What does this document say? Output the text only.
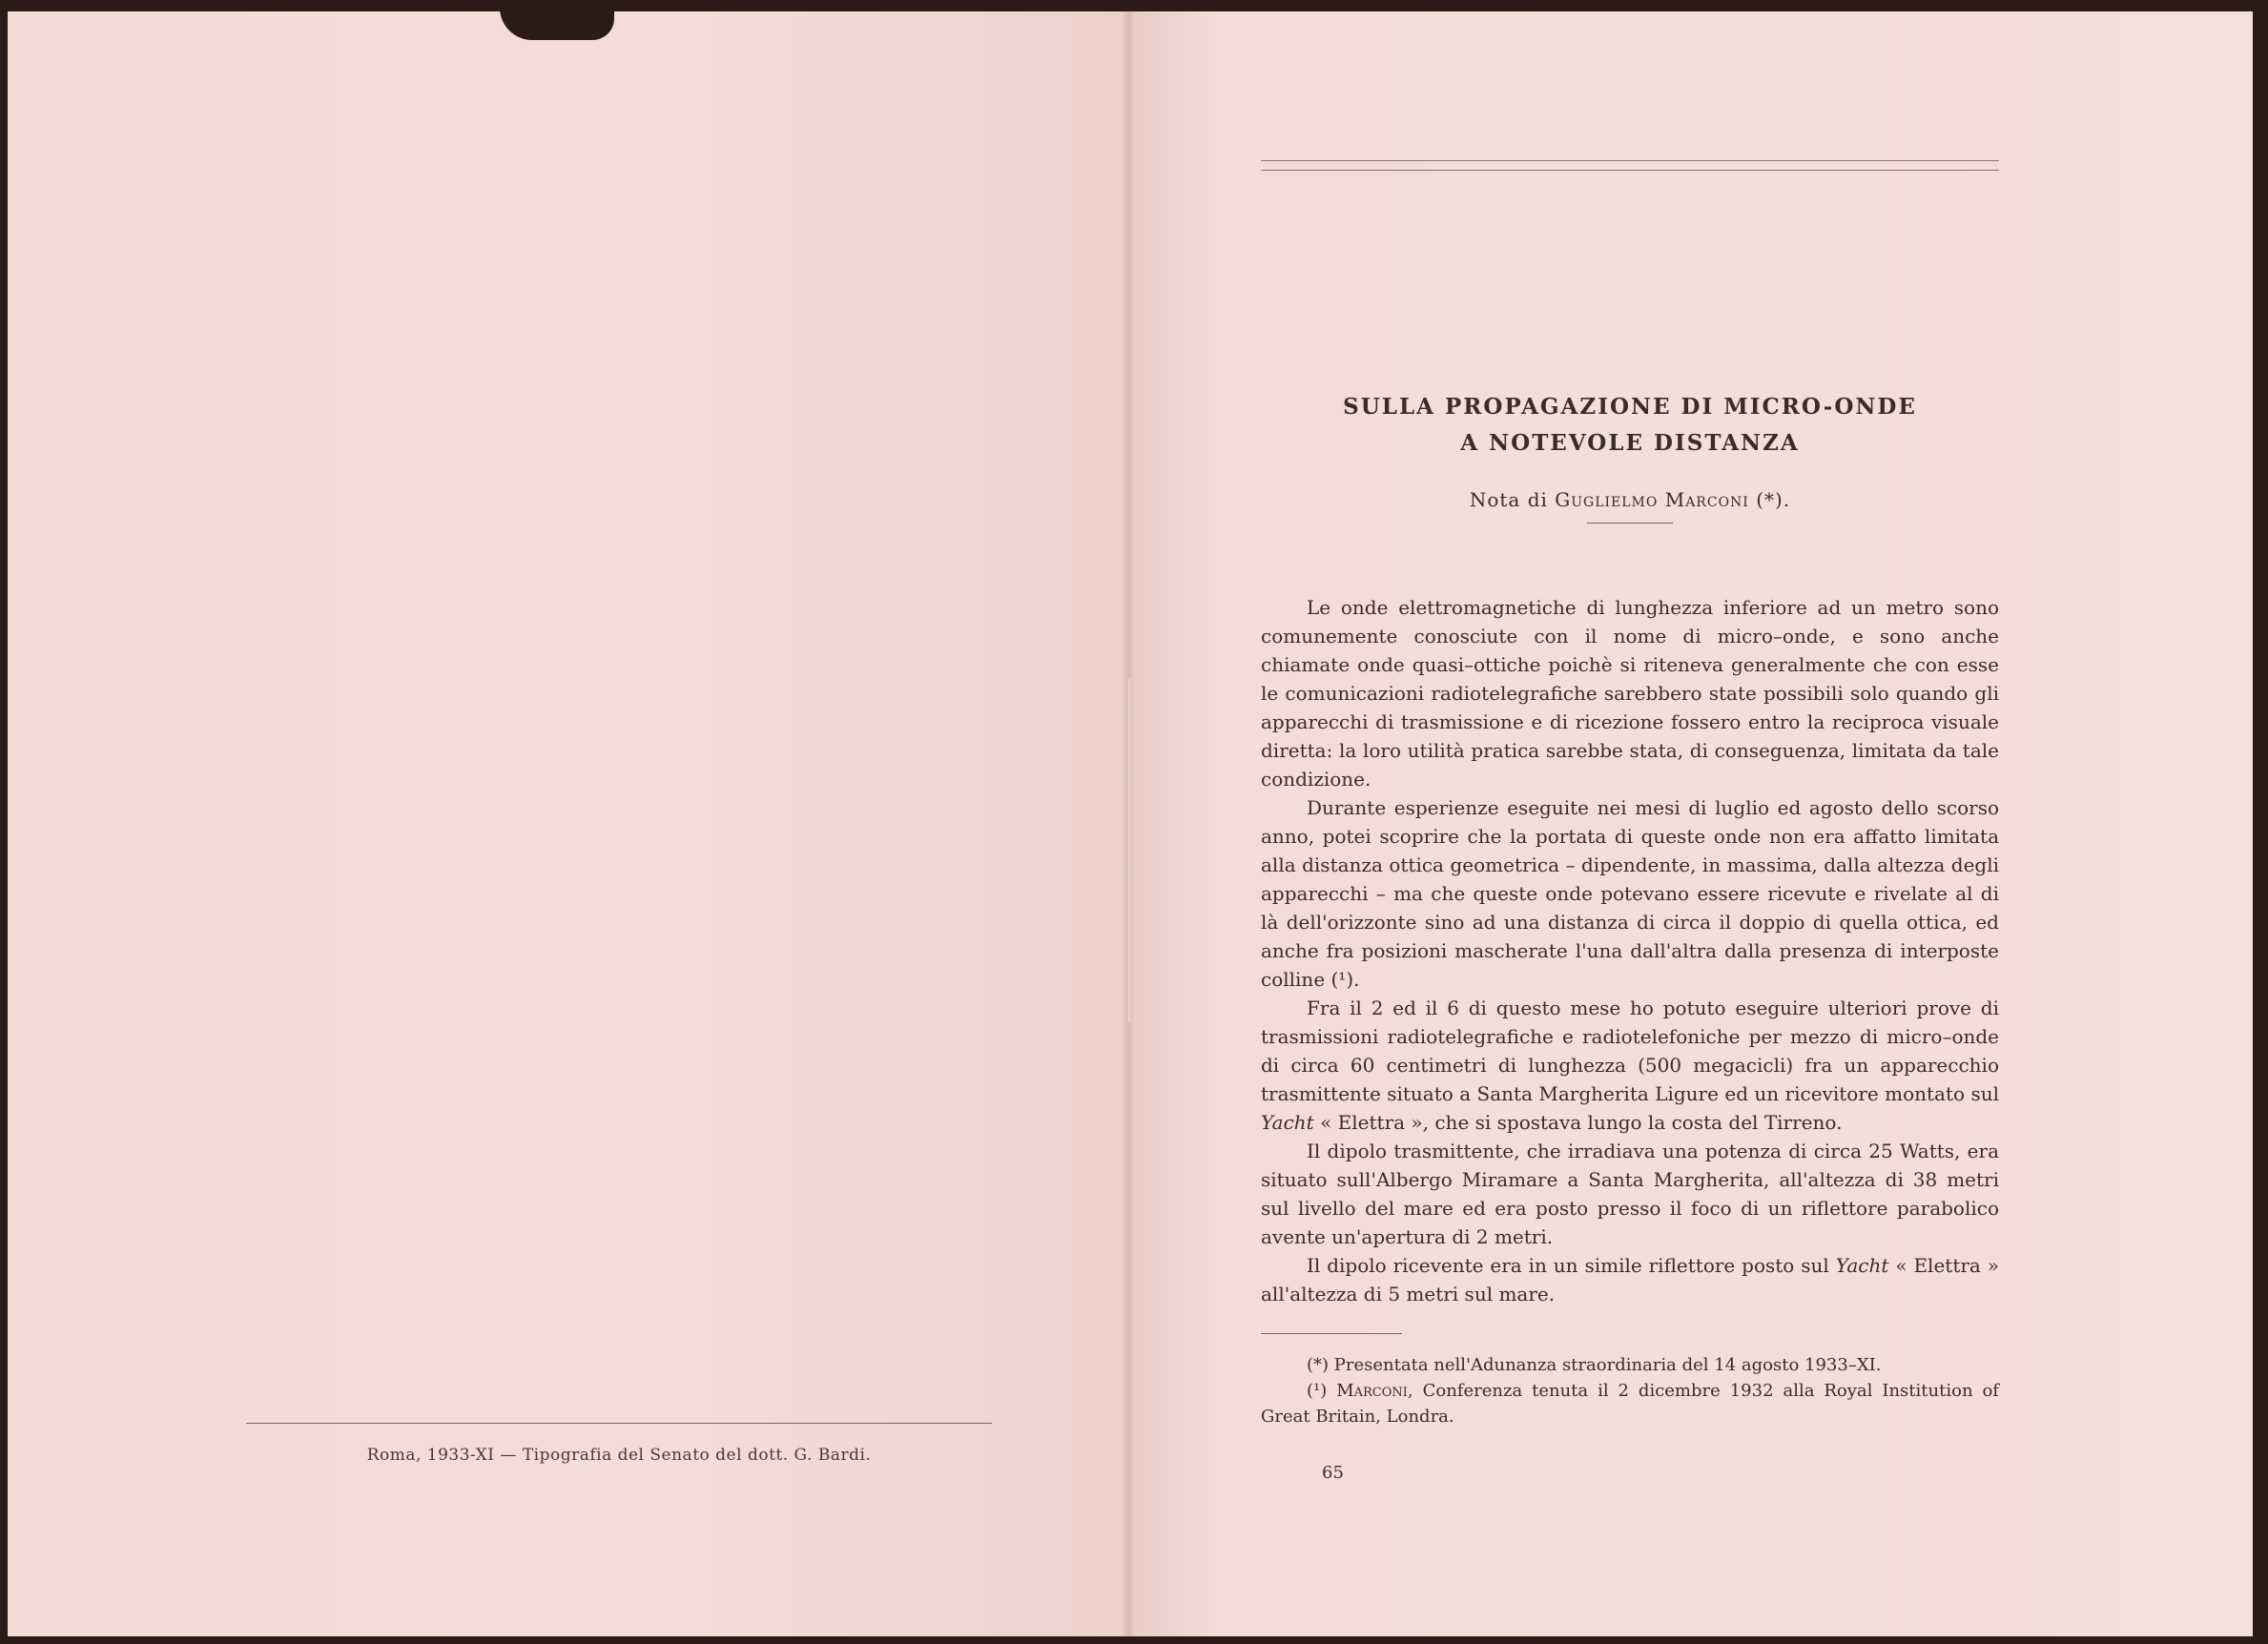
Roma, 1933-XI — Tipografia del Senato del dott. G. Bardi.
SULLA PROPAGAZIONE DI MICRO-ONDE
A NOTEVOLE DISTANZA
Nota di Guglielmo Marconi (*).

Le onde elettromagnetiche di lunghezza inferiore ad un metro sono comunemente conosciute con il nome di micro–onde, e sono anche chiamate onde quasi–ottiche poichè si riteneva generalmente che con esse le comunicazioni radiotelegrafiche sarebbero state possibili solo quando gli apparecchi di trasmissione e di ricezione fossero entro la reciproca visuale diretta: la loro utilità pratica sarebbe stata, di conseguenza, limitata da tale condizione.

Durante esperienze eseguite nei mesi di luglio ed agosto dello scorso anno, potei scoprire che la portata di queste onde non era affatto limitata alla distanza ottica geometrica – dipendente, in massima, dalla altezza degli apparecchi – ma che queste onde potevano essere ricevute e rivelate al di là dell'orizzonte sino ad una distanza di circa il doppio di quella ottica, ed anche fra posizioni mascherate l'una dall'altra dalla presenza di interposte colline (¹).

Fra il 2 ed il 6 di questo mese ho potuto eseguire ulteriori prove di trasmissioni radiotelegrafiche e radiotelefoniche per mezzo di micro–onde di circa 60 centimetri di lunghezza (500 megacicli) fra un apparecchio trasmittente situato a Santa Margherita Ligure ed un ricevitore montato sul Yacht « Elettra », che si spostava lungo la costa del Tirreno.

Il dipolo trasmittente, che irradiava una potenza di circa 25 Watts, era situato sull'Albergo Miramare a Santa Margherita, all'altezza di 38 metri sul livello del mare ed era posto presso il foco di un riflettore parabolico avente un'apertura di 2 metri.

Il dipolo ricevente era in un simile riflettore posto sul Yacht « Elettra » all'altezza di 5 metri sul mare.

(*) Presentata nell'Adunanza straordinaria del 14 agosto 1933–XI.

(¹) Marconi, Conferenza tenuta il 2 dicembre 1932 alla Royal Institution of Great Britain, Londra.

65
